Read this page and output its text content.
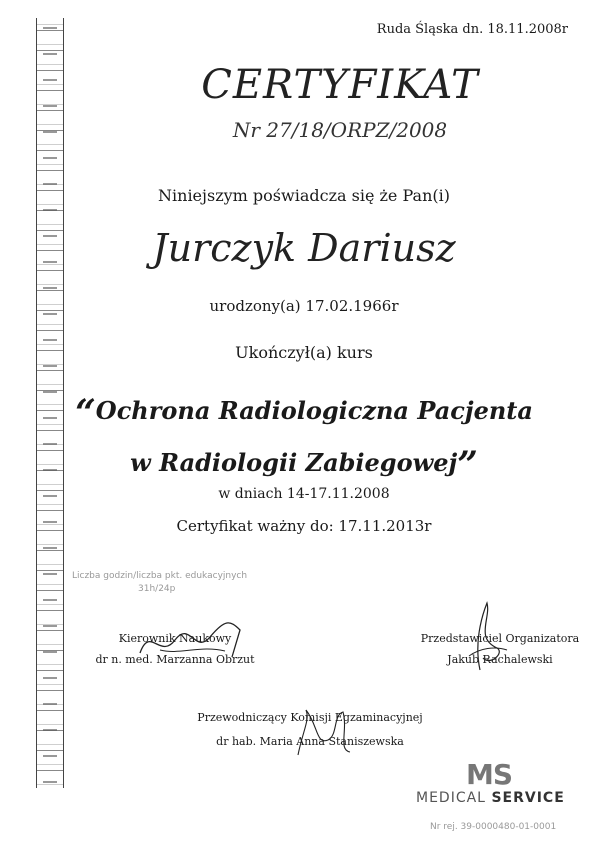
Ruda Śląska dn. 18.11.2008r
CERTYFIKAT
Nr 27/18/ORPZ/2008
Niniejszym poświadcza się że Pan(i)
Jurczyk Dariusz
urodzony(a) 17.02.1966r
Ukończył(a) kurs
“Ochrona Radiologiczna Pacjenta
w Radiologii Zabiegowej”
w dniach 14-17.11.2008
Certyfikat ważny do: 17.11.2013r
Liczba godzin/liczba pkt. edukacyjnych
31h/24p
Kierownik Naukowy
dr n. med. Marzanna Obrzut
Przedstawiciel Organizatora
Jakub Rachalewski
Przewodniczący Komisji Egzaminacyjnej
dr hab. Maria Anna Staniszewska
MS
MEDICAL SERVICE
Nr rej. 39-0000480-01-0001
